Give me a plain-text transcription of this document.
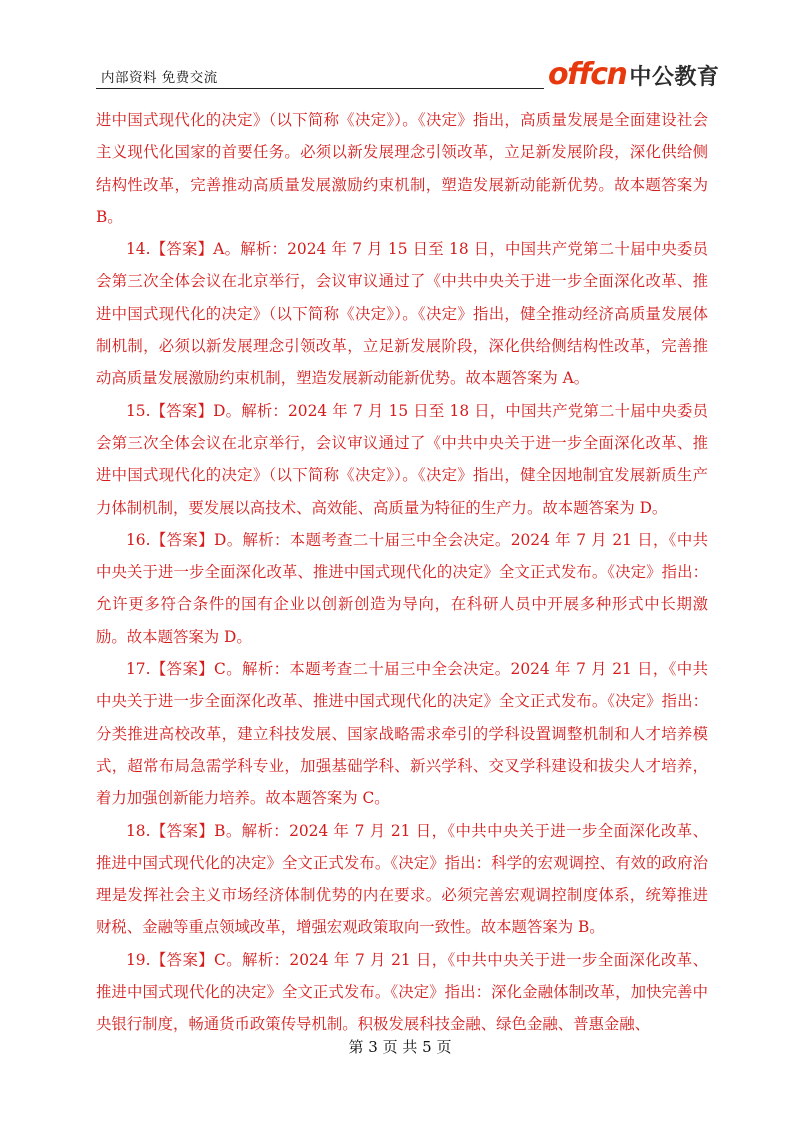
内部资料 免费交流	offcn 中公教育

进中国式现代化的决定》（以下简称《决定》）。《决定》指出，高质量发展是全面建设社会主义现代化国家的首要任务。必须以新发展理念引领改革，立足新发展阶段，深化供给侧结构性改革，完善推动高质量发展激励约束机制，塑造发展新动能新优势。故本题答案为 B。

14.【答案】A。解析：2024 年 7 月 15 日至 18 日，中国共产党第二十届中央委员会第三次全体会议在北京举行，会议审议通过了《中共中央关于进一步全面深化改革、推进中国式现代化的决定》（以下简称《决定》）。《决定》指出，健全推动经济高质量发展体制机制，必须以新发展理念引领改革，立足新发展阶段，深化供给侧结构性改革，完善推动高质量发展激励约束机制，塑造发展新动能新优势。故本题答案为 A。

15.【答案】D。解析：2024 年 7 月 15 日至 18 日，中国共产党第二十届中央委员会第三次全体会议在北京举行，会议审议通过了《中共中央关于进一步全面深化改革、推进中国式现代化的决定》（以下简称《决定》）。《决定》指出，健全因地制宜发展新质生产力体制机制，要发展以高技术、高效能、高质量为特征的生产力。故本题答案为 D。

16.【答案】D。解析：本题考查二十届三中全会决定。2024 年 7 月 21 日，《中共中央关于进一步全面深化改革、推进中国式现代化的决定》全文正式发布。《决定》指出：允许更多符合条件的国有企业以创新创造为导向，在科研人员中开展多种形式中长期激励。故本题答案为 D。

17.【答案】C。解析：本题考查二十届三中全会决定。2024 年 7 月 21 日，《中共中央关于进一步全面深化改革、推进中国式现代化的决定》全文正式发布。《决定》指出：分类推进高校改革，建立科技发展、国家战略需求牵引的学科设置调整机制和人才培养模式，超常布局急需学科专业，加强基础学科、新兴学科、交叉学科建设和拔尖人才培养，着力加强创新能力培养。故本题答案为 C。

18.【答案】B。解析：2024 年 7 月 21 日，《中共中央关于进一步全面深化改革、推进中国式现代化的决定》全文正式发布。《决定》指出：科学的宏观调控、有效的政府治理是发挥社会主义市场经济体制优势的内在要求。必须完善宏观调控制度体系，统筹推进财税、金融等重点领域改革，增强宏观政策取向一致性。故本题答案为 B。

19.【答案】C。解析：2024 年 7 月 21 日，《中共中央关于进一步全面深化改革、推进中国式现代化的决定》全文正式发布。《决定》指出：深化金融体制改革，加快完善中央银行制度，畅通货币政策传导机制。积极发展科技金融、绿色金融、普惠金融、

第 3 页 共 5 页
